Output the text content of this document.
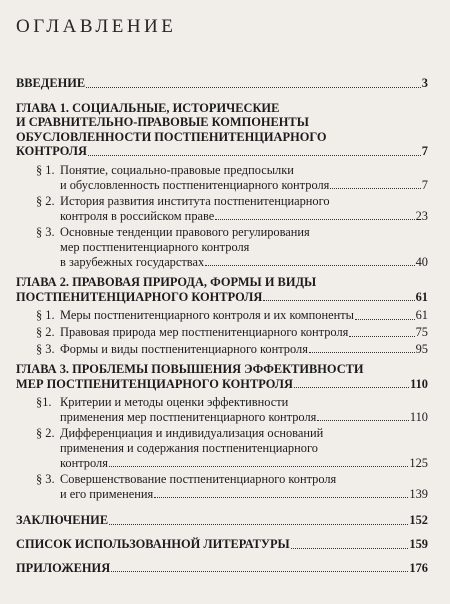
ОГЛАВЛЕНИЕ
ВВЕДЕНИЕ	3
ГЛАВА 1. СОЦИАЛЬНЫЕ, ИСТОРИЧЕСКИЕ
И СРАВНИТЕЛЬНО-ПРАВОВЫЕ КОМПОНЕНТЫ
ОБУСЛОВЛЕННОСТИ ПОСТПЕНИТЕНЦИАРНОГО
КОНТРОЛЯ	7
§ 1. Понятие, социально-правовые предпосылки
и обусловленность постпенитенциарного контроля	7
§ 2. История развития института постпенитенциарного
контроля в российском праве	23
§ 3. Основные тенденции правового регулирования
мер постпенитенциарного контроля
в зарубежных государствах	40
ГЛАВА 2. ПРАВОВАЯ ПРИРОДА, ФОРМЫ И ВИДЫ
ПОСТПЕНИТЕНЦИАРНОГО КОНТРОЛЯ	61
§ 1. Меры постпенитенциарного контроля и их компоненты	61
§ 2. Правовая природа мер постпенитенциарного контроля	75
§ 3. Формы и виды постпенитенциарного контроля	95
ГЛАВА 3. ПРОБЛЕМЫ ПОВЫШЕНИЯ ЭФФЕКТИВНОСТИ
МЕР ПОСТПЕНИТЕНЦИАРНОГО КОНТРОЛЯ	110
§1. Критерии и методы оценки эффективности
применения мер постпенитенциарного контроля	110
§ 2. Дифференциация и индивидуализация оснований
применения и содержания постпенитенциарного
контроля	125
§ 3. Совершенствование постпенитенциарного контроля
и его применения	139
ЗАКЛЮЧЕНИЕ	152
СПИСОК ИСПОЛЬЗОВАННОЙ ЛИТЕРАТУРЫ	159
ПРИЛОЖЕНИЯ	176
